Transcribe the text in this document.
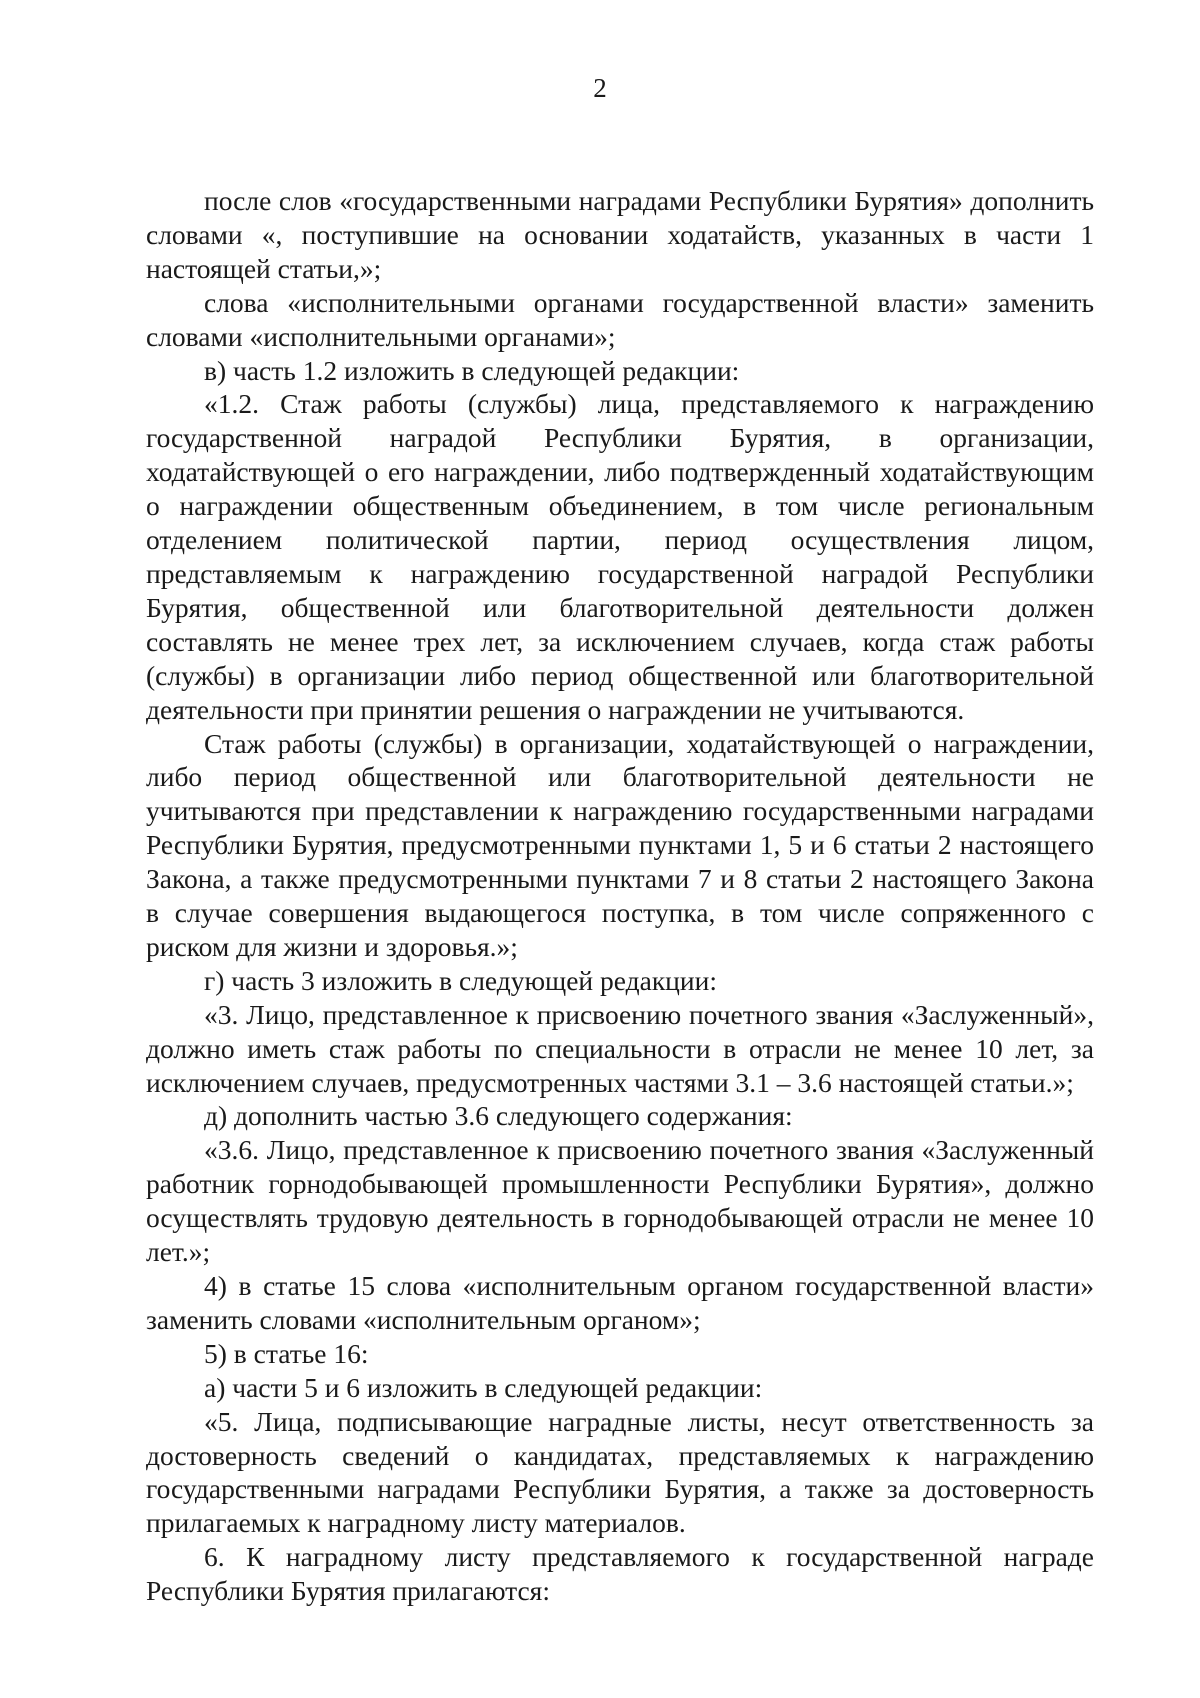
2

после слов «государственными наградами Республики Бурятия» дополнить словами «, поступившие на основании ходатайств, указанных в части 1 настоящей статьи,»;

слова «исполнительными органами государственной власти» заменить словами «исполнительными органами»;

в) часть 1.2 изложить в следующей редакции:

«1.2. Стаж работы (службы) лица, представляемого к награждению государственной наградой Республики Бурятия, в организации, ходатайствующей о его награждении, либо подтвержденный ходатайствующим о награждении общественным объединением, в том числе региональным отделением политической партии, период осуществления лицом, представляемым к награждению государственной наградой Республики Бурятия, общественной или благотворительной деятельности должен составлять не менее трех лет, за исключением случаев, когда стаж работы (службы) в организации либо период общественной или благотворительной деятельности при принятии решения о награждении не учитываются.

Стаж работы (службы) в организации, ходатайствующей о награждении, либо период общественной или благотворительной деятельности не учитываются при представлении к награждению государственными наградами Республики Бурятия, предусмотренными пунктами 1, 5 и 6 статьи 2 настоящего Закона, а также предусмотренными пунктами 7 и 8 статьи 2 настоящего Закона в случае совершения выдающегося поступка, в том числе сопряженного с риском для жизни и здоровья.»;

г) часть 3 изложить в следующей редакции:

«3. Лицо, представленное к присвоению почетного звания «Заслуженный», должно иметь стаж работы по специальности в отрасли не менее 10 лет, за исключением случаев, предусмотренных частями 3.1 – 3.6 настоящей статьи.»;

д) дополнить частью 3.6 следующего содержания:

«3.6. Лицо, представленное к присвоению почетного звания «Заслуженный работник горнодобывающей промышленности Республики Бурятия», должно осуществлять трудовую деятельность в горнодобывающей отрасли не менее 10 лет.»;

4) в статье 15 слова «исполнительным органом государственной власти» заменить словами «исполнительным органом»;

5) в статье 16:

а) части 5 и 6 изложить в следующей редакции:

«5. Лица, подписывающие наградные листы, несут ответственность за достоверность сведений о кандидатах, представляемых к награждению государственными наградами Республики Бурятия, а также за достоверность прилагаемых к наградному листу материалов.

6. К наградному листу представляемого к государственной награде Республики Бурятия прилагаются:
